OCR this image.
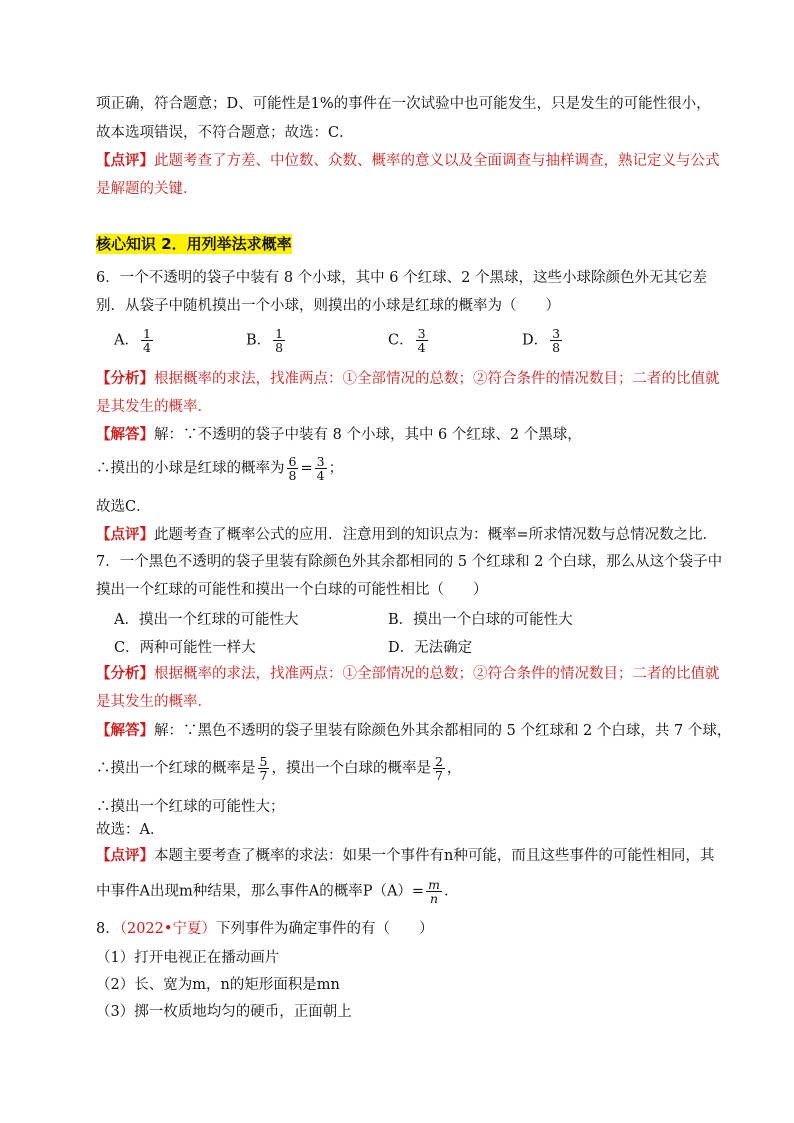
项正确，符合题意；D、可能性是1%的事件在一次试验中也可能发生，只是发生的可能性很小，
故本选项错误，不符合题意；故选：C．
【点评】此题考查了方差、中位数、众数、概率的意义以及全面调查与抽样调查，熟记定义与公式
是解题的关键．
核心知识 2．用列举法求概率
6．一个不透明的袋子中装有 8 个小球，其中 6 个红球、2 个黑球，这些小球除颜色外无其它差
别．从袋子中随机摸出一个小球，则摸出的小球是红球的概率为（　　）
A． $\frac{1}{4}$	B． $\frac{1}{8}$	C． $\frac{3}{4}$	D． $\frac{3}{8}$
【分析】根据概率的求法，找准两点：①全部情况的总数；②符合条件的情况数目；二者的比值就
是其发生的概率．
【解答】解：∵不透明的袋子中装有 8 个小球，其中 6 个红球、2 个黑球，
∴摸出的小球是红球的概率为 $\frac{6}{8} = \frac{3}{4}$ ；
故选C．
【点评】此题考查了概率公式的应用．注意用到的知识点为：概率=所求情况数与总情况数之比．
7．一个黑色不透明的袋子里装有除颜色外其余都相同的 5 个红球和 2 个白球，那么从这个袋子中
摸出一个红球的可能性和摸出一个白球的可能性相比（　　）
A．摸出一个红球的可能性大	B．摸出一个白球的可能性大
C．两种可能性一样大	D．无法确定
【分析】根据概率的求法，找准两点：①全部情况的总数；②符合条件的情况数目；二者的比值就
是其发生的概率．
【解答】解：∵黑色不透明的袋子里装有除颜色外其余都相同的 5 个红球和 2 个白球，共 7 个球，
∴摸出一个红球的概率是 $\frac{5}{7}$ ，摸出一个白球的概率是 $\frac{2}{7}$ ，
∴摸出一个红球的可能性大；
故选：A．
【点评】本题主要考查了概率的求法：如果一个事件有n种可能，而且这些事件的可能性相同，其
中事件A出现m种结果，那么事件A的概率$P(A)= \frac{m}{n}$ ．
8．（2022•宁夏）下列事件为确定事件的有（　　）
（1）打开电视正在播动画片
（2）长、宽为m，n的矩形面积是mn
（3）掷一枚质地均匀的硬币，正面朝上
